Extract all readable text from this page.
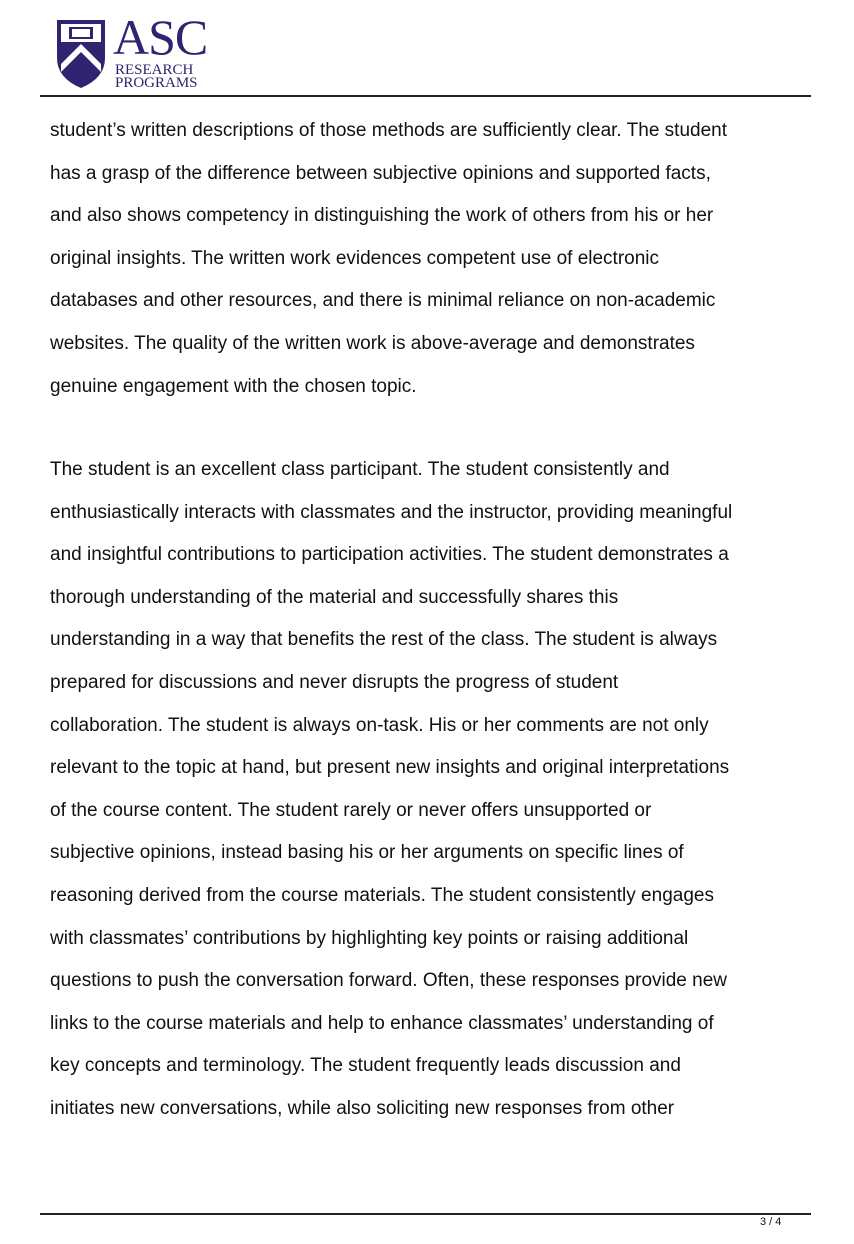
ASC
RESEARCH
PROGRAMS
student’s written descriptions of those methods are sufficiently clear. The student
has a grasp of the difference between subjective opinions and supported facts,
and also shows competency in distinguishing the work of others from his or her
original insights. The written work evidences competent use of electronic
databases and other resources, and there is minimal reliance on non-academic
websites. The quality of the written work is above-average and demonstrates
genuine engagement with the chosen topic.
The student is an excellent class participant. The student consistently and
enthusiastically interacts with classmates and the instructor, providing meaningful
and insightful contributions to participation activities. The student demonstrates a
thorough understanding of the material and successfully shares this
understanding in a way that benefits the rest of the class. The student is always
prepared for discussions and never disrupts the progress of student
collaboration. The student is always on-task. His or her comments are not only
relevant to the topic at hand, but present new insights and original interpretations
of the course content. The student rarely or never offers unsupported or
subjective opinions, instead basing his or her arguments on specific lines of
reasoning derived from the course materials. The student consistently engages
with classmates’ contributions by highlighting key points or raising additional
questions to push the conversation forward. Often, these responses provide new
links to the course materials and help to enhance classmates’ understanding of
key concepts and terminology. The student frequently leads discussion and
initiates new conversations, while also soliciting new responses from other
3 / 4
